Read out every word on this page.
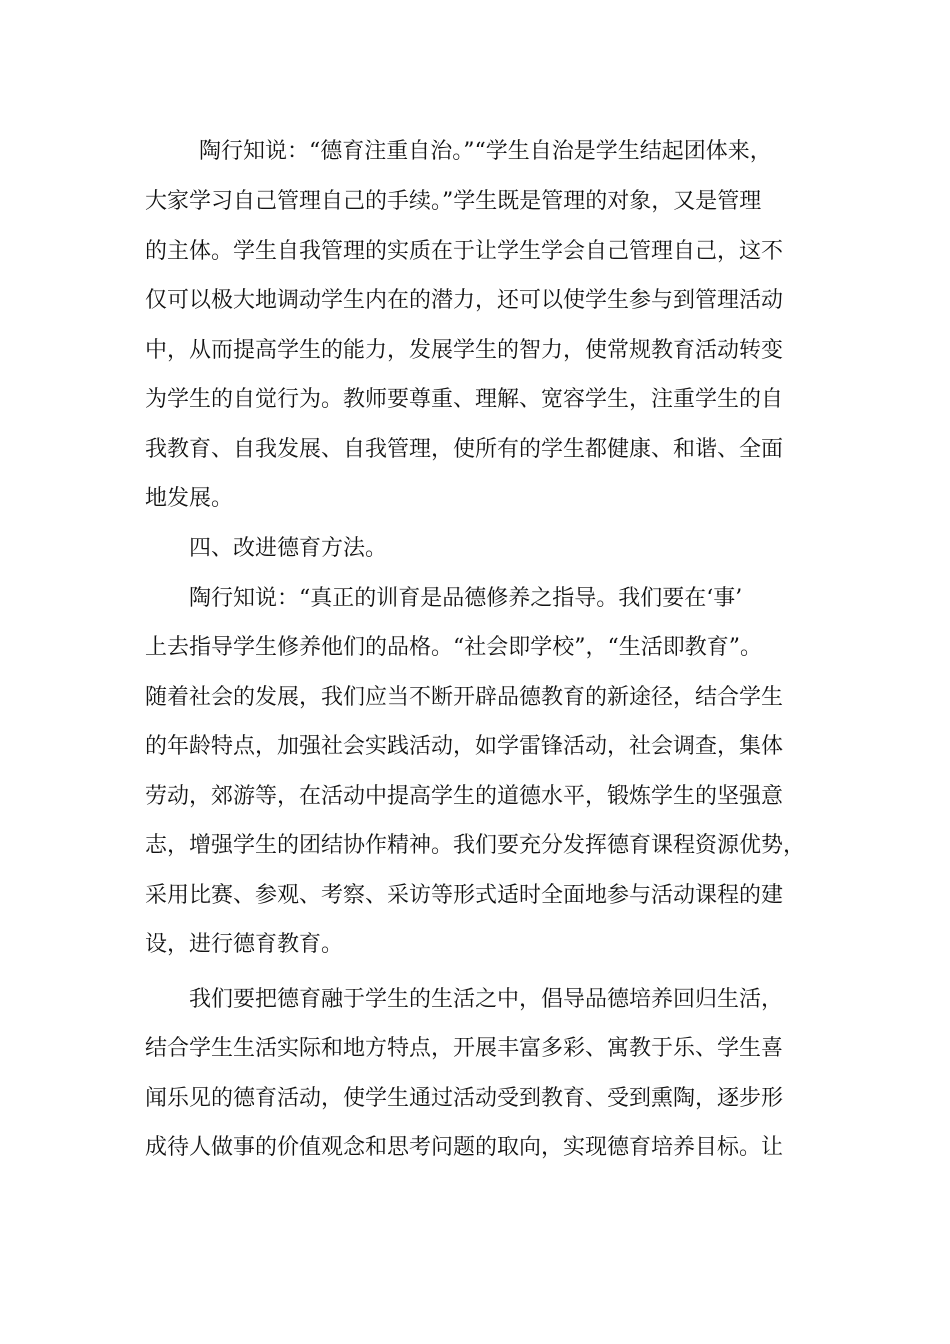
陶行知说：“德育注重自治。”“学生自治是学生结起团体来，
大家学习自己管理自己的手续。”学生既是管理的对象，又是管理
的主体。学生自我管理的实质在于让学生学会自己管理自己，这不
仅可以极大地调动学生内在的潜力，还可以使学生参与到管理活动
中，从而提高学生的能力，发展学生的智力，使常规教育活动转变
为学生的自觉行为。教师要尊重、理解、宽容学生，注重学生的自
我教育、自我发展、自我管理，使所有的学生都健康、和谐、全面
地发展。
四、改进德育方法。
陶行知说：“真正的训育是品德修养之指导。我们要在‘事’
上去指导学生修养他们的品格。“社会即学校”，“生活即教育”。
随着社会的发展，我们应当不断开辟品德教育的新途径，结合学生
的年龄特点，加强社会实践活动，如学雷锋活动，社会调查，集体
劳动，郊游等，在活动中提高学生的道德水平，锻炼学生的坚强意
志，增强学生的团结协作精神。我们要充分发挥德育课程资源优势，
采用比赛、参观、考察、采访等形式适时全面地参与活动课程的建
设，进行德育教育。
我们要把德育融于学生的生活之中，倡导品德培养回归生活，
结合学生生活实际和地方特点，开展丰富多彩、寓教于乐、学生喜
闻乐见的德育活动，使学生通过活动受到教育、受到熏陶，逐步形
成待人做事的价值观念和思考问题的取向，实现德育培养目标。让
